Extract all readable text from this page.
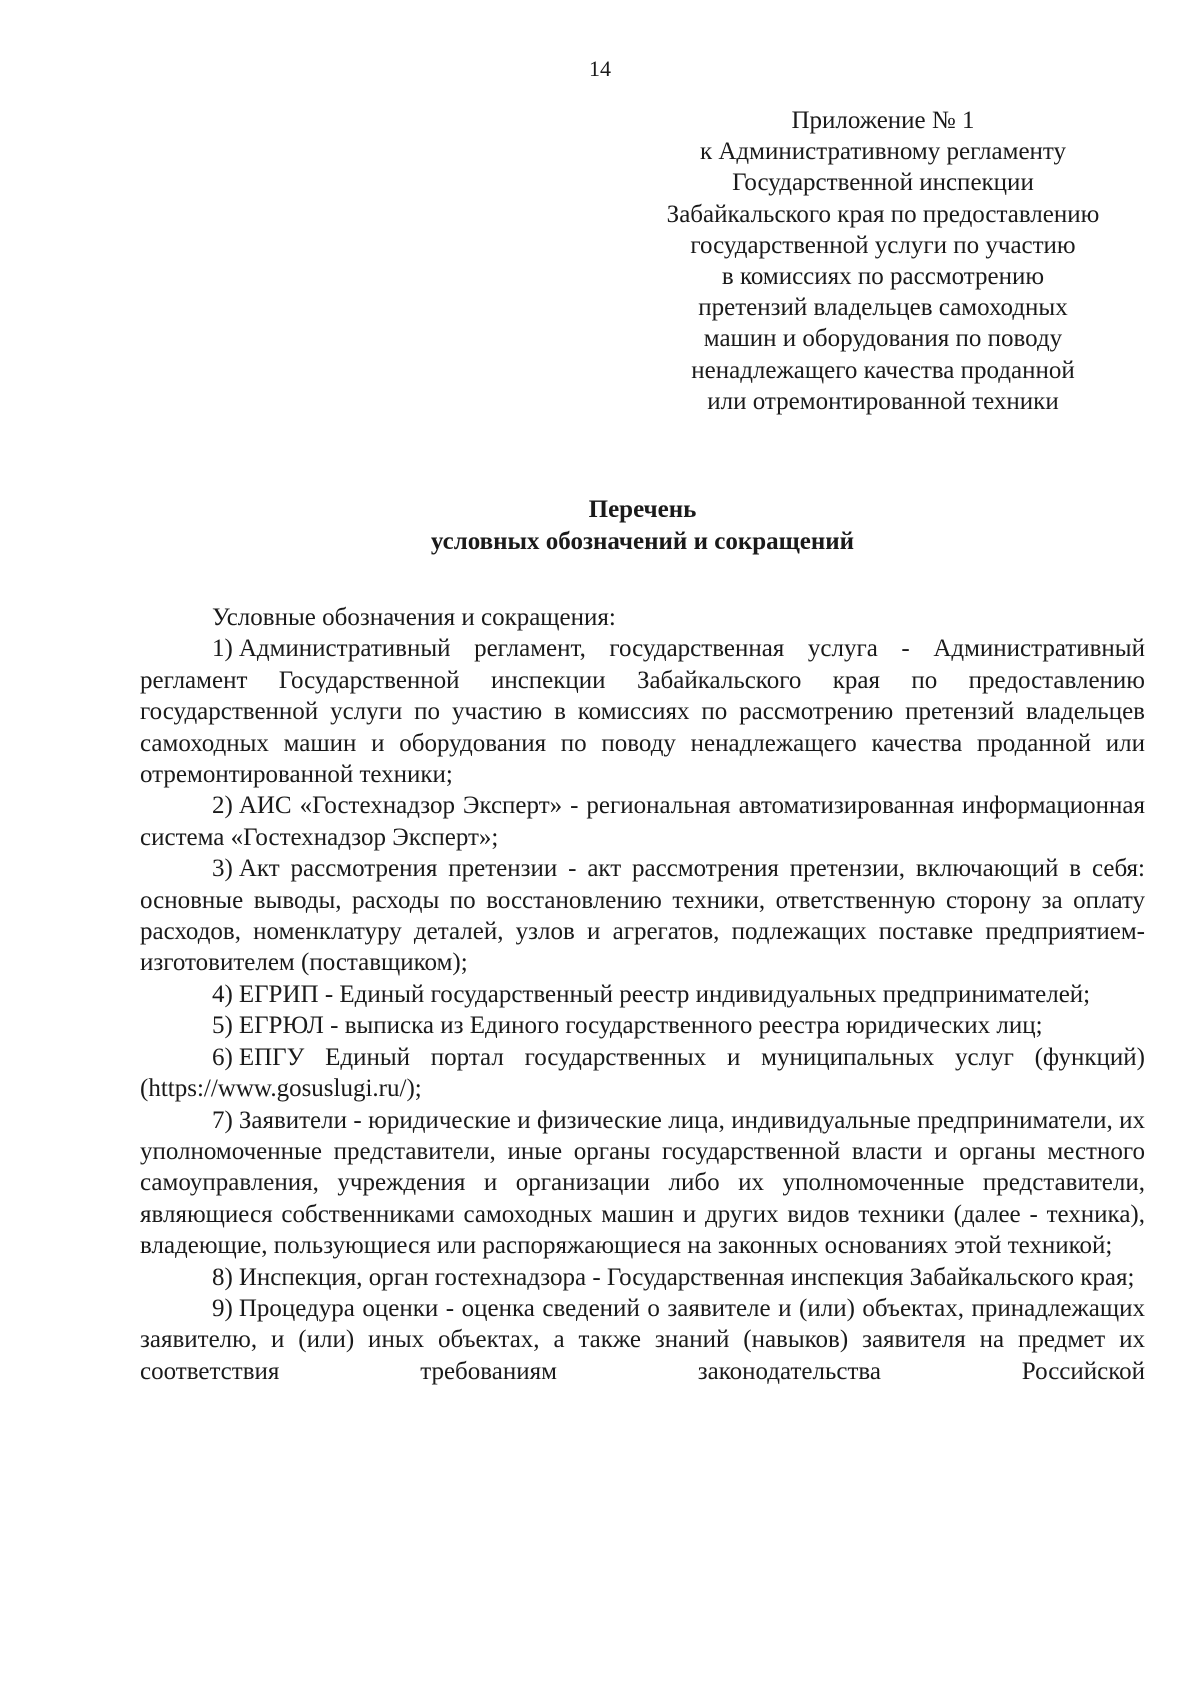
14
Приложение № 1
к Административному регламенту
Государственной инспекции
Забайкальского края по предоставлению
государственной услуги по участию
в комиссиях по рассмотрению
претензий владельцев самоходных
машин и оборудования по поводу
ненадлежащего качества проданной
или отремонтированной техники
Перечень
условных обозначений и сокращений

Условные обозначения и сокращения:

1) Административный регламент, государственная услуга - Административный регламент Государственной инспекции Забайкальского края по предоставлению государственной услуги по участию в комиссиях по рассмотрению претензий владельцев самоходных машин и оборудования по поводу ненадлежащего качества проданной или отремонтированной техники;

2) АИС «Гостехнадзор Эксперт» - региональная автоматизированная информационная система «Гостехнадзор Эксперт»;

3) Акт рассмотрения претензии - акт рассмотрения претензии, включающий в себя: основные выводы, расходы по восстановлению техники, ответственную сторону за оплату расходов, номенклатуру деталей, узлов и агрегатов, подлежащих поставке предприятием-изготовителем (поставщиком);

4) ЕГРИП - Единый государственный реестр индивидуальных предпринимателей;

5) ЕГРЮЛ - выписка из Единого государственного реестра юридических лиц;

6) ЕПГУ Единый портал государственных и муниципальных услуг (функций) (https://www.gosuslugi.ru/);

7) Заявители - юридические и физические лица, индивидуальные предприниматели, их уполномоченные представители, иные органы государственной власти и органы местного самоуправления, учреждения и организации либо их уполномоченные представители, являющиеся собственниками самоходных машин и других видов техники (далее - техника), владеющие, пользующиеся или распоряжающиеся на законных основаниях этой техникой;

8) Инспекция, орган гостехнадзора - Государственная инспекция Забайкальского края;

9) Процедура оценки - оценка сведений о заявителе и (или) объектах, принадлежащих заявителю, и (или) иных объектах, а также знаний (навыков) заявителя на предмет их соответствия требованиям законодательства Российской
